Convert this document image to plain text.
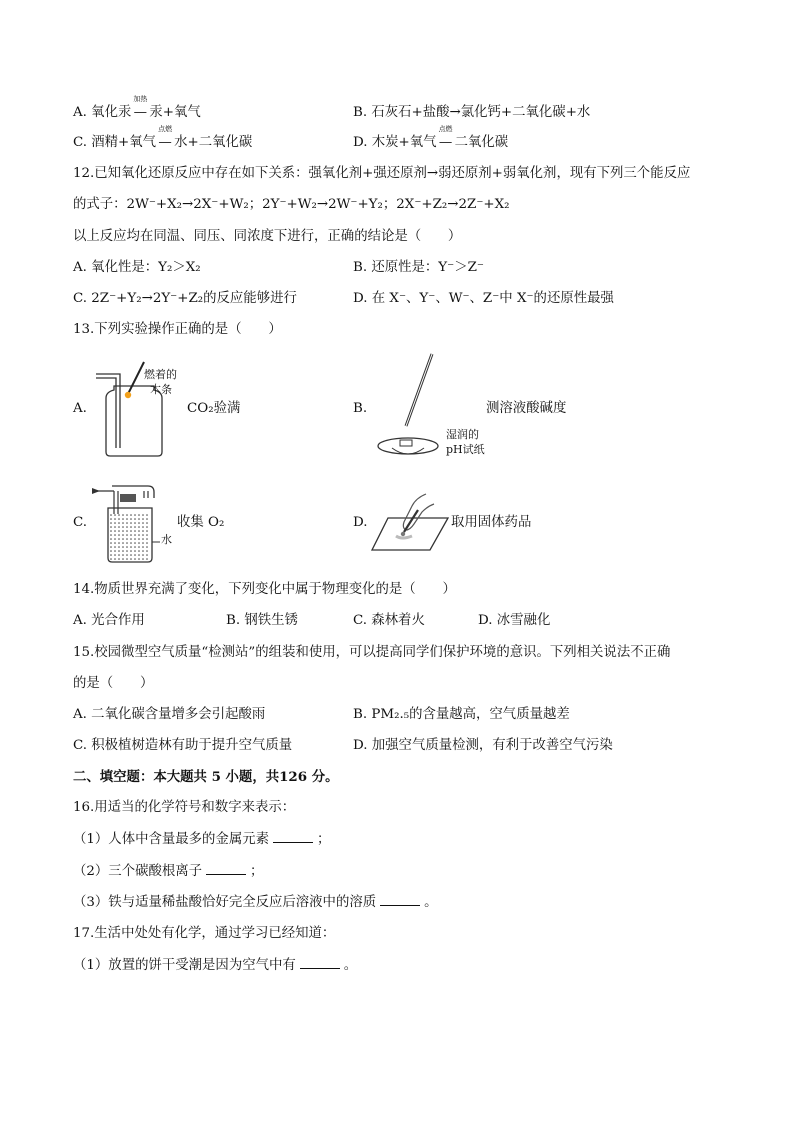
A. 氧化汞
加热
— 汞+氧气	B. 石灰石+盐酸→氯化钙+二氧化碳+水
C. 酒精+氧气
点燃
— 水+二氧化碳	D. 木炭+氧气
点燃
— 二氧化碳
12.已知氧化还原反应中存在如下关系：强氧化剂+强还原剂→弱还原剂+弱氧化剂，现有下列三个能反应
的式子：2W⁻+X₂→2X⁻+W₂；2Y⁻+W₂→2W⁻+Y₂；2X⁻+Z₂→2Z⁻+X₂
以上反应均在同温、同压、同浓度下进行，正确的结论是（　　）
A. 氧化性是：Y₂＞X₂	B. 还原性是：Y⁻＞Z⁻
C. 2Z⁻+Y₂→2Y⁻+Z₂的反应能够进行	D. 在 X⁻、Y⁻、W⁻、Z⁻中 X⁻的还原性最强
13.下列实验操作正确的是（　　）
A.
燃着的
木条
CO₂验满	B.
湿润的
pH试纸
测溶液酸碱度
C.
水
收集 O₂	D.	取用固体药品
14.物质世界充满了变化，下列变化中属于物理变化的是（　　）
A. 光合作用	B. 钢铁生锈	C. 森林着火	D. 冰雪融化
15.校园微型空气质量“检测站”的组装和使用，可以提高同学们保护环境的意识。下列相关说法不正确
的是（　　）
A. 二氧化碳含量增多会引起酸雨	B. PM₂.₅的含量越高，空气质量越差
C. 积极植树造林有助于提升空气质量	D. 加强空气质量检测，有利于改善空气污染
二、填空题：本大题共 5 小题，共126 分。
16.用适当的化学符号和数字来表示：
（1）人体中含量最多的金属元素	；
（2）三个碳酸根离子	；
（3）铁与适量稀盐酸恰好完全反应后溶液中的溶质	。
17.生活中处处有化学，通过学习已经知道：
（1）放置的饼干受潮是因为空气中有	。
